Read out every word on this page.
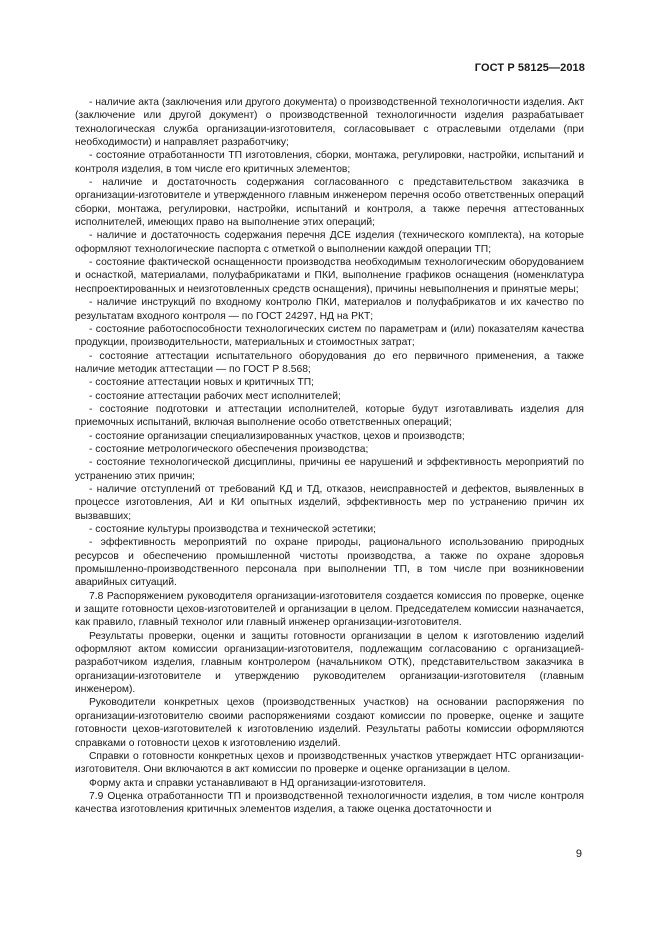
ГОСТ Р 58125—2018

- наличие акта (заключения или другого документа) о производственной технологичности изделия. Акт (заключение или другой документ) о производственной технологичности изделия разрабатывает технологическая служба организации-изготовителя, согласовывает с отраслевыми отделами (при необходимости) и направляет разработчику;

- состояние отработанности ТП изготовления, сборки, монтажа, регулировки, настройки, испытаний и контроля изделия, в том числе его критичных элементов;

- наличие и достаточность содержания согласованного с представительством заказчика в организации-изготовителе и утвержденного главным инженером перечня особо ответственных операций сборки, монтажа, регулировки, настройки, испытаний и контроля, а также перечня аттестованных исполнителей, имеющих право на выполнение этих операций;

- наличие и достаточность содержания перечня ДСЕ изделия (технического комплекта), на которые оформляют технологические паспорта с отметкой о выполнении каждой операции ТП;

- состояние фактической оснащенности производства необходимым технологическим оборудованием и оснасткой, материалами, полуфабрикатами и ПКИ, выполнение графиков оснащения (номенклатура неспроектированных и неизготовленных средств оснащения), причины невыполнения и принятые меры;

- наличие инструкций по входному контролю ПКИ, материалов и полуфабрикатов и их качество по результатам входного контроля — по ГОСТ 24297, НД на РКТ;

- состояние работоспособности технологических систем по параметрам и (или) показателям качества продукции, производительности, материальных и стоимостных затрат;

- состояние аттестации испытательного оборудования до его первичного применения, а также наличие методик аттестации — по ГОСТ Р 8.568;

- состояние аттестации новых и критичных ТП;

- состояние аттестации рабочих мест исполнителей;

- состояние подготовки и аттестации исполнителей, которые будут изготавливать изделия для приемочных испытаний, включая выполнение особо ответственных операций;

- состояние организации специализированных участков, цехов и производств;

- состояние метрологического обеспечения производства;

- состояние технологической дисциплины, причины ее нарушений и эффективность мероприятий по устранению этих причин;

- наличие отступлений от требований КД и ТД, отказов, неисправностей и дефектов, выявленных в процессе изготовления, АИ и КИ опытных изделий, эффективность мер по устранению причин их вызвавших;

- состояние культуры производства и технической эстетики;

- эффективность мероприятий по охране природы, рационального использованию природных ресурсов и обеспечению промышленной чистоты производства, а также по охране здоровья промышленно-производственного персонала при выполнении ТП, в том числе при возникновении аварийных ситуаций.

7.8 Распоряжением руководителя организации-изготовителя создается комиссия по проверке, оценке и защите готовности цехов-изготовителей и организации в целом. Председателем комиссии назначается, как правило, главный технолог или главный инженер организации-изготовителя.

Результаты проверки, оценки и защиты готовности организации в целом к изготовлению изделий оформляют актом комиссии организации-изготовителя, подлежащим согласованию с организацией-разработчиком изделия, главным контролером (начальником ОТК), представительством заказчика в организации-изготовителе и утверждению руководителем организации-изготовителя (главным инженером).

Руководители конкретных цехов (производственных участков) на основании распоряжения по организации-изготовителю своими распоряжениями создают комиссии по проверке, оценке и защите готовности цехов-изготовителей к изготовлению изделий. Результаты работы комиссии оформляются справками о готовности цехов к изготовлению изделий.

Справки о готовности конкретных цехов и производственных участков утверждает НТС организации-изготовителя. Они включаются в акт комиссии по проверке и оценке организации в целом.

Форму акта и справки устанавливают в НД организации-изготовителя.

7.9 Оценка отработанности ТП и производственной технологичности изделия, в том числе контроля качества изготовления критичных элементов изделия, а также оценка достаточности и

9
